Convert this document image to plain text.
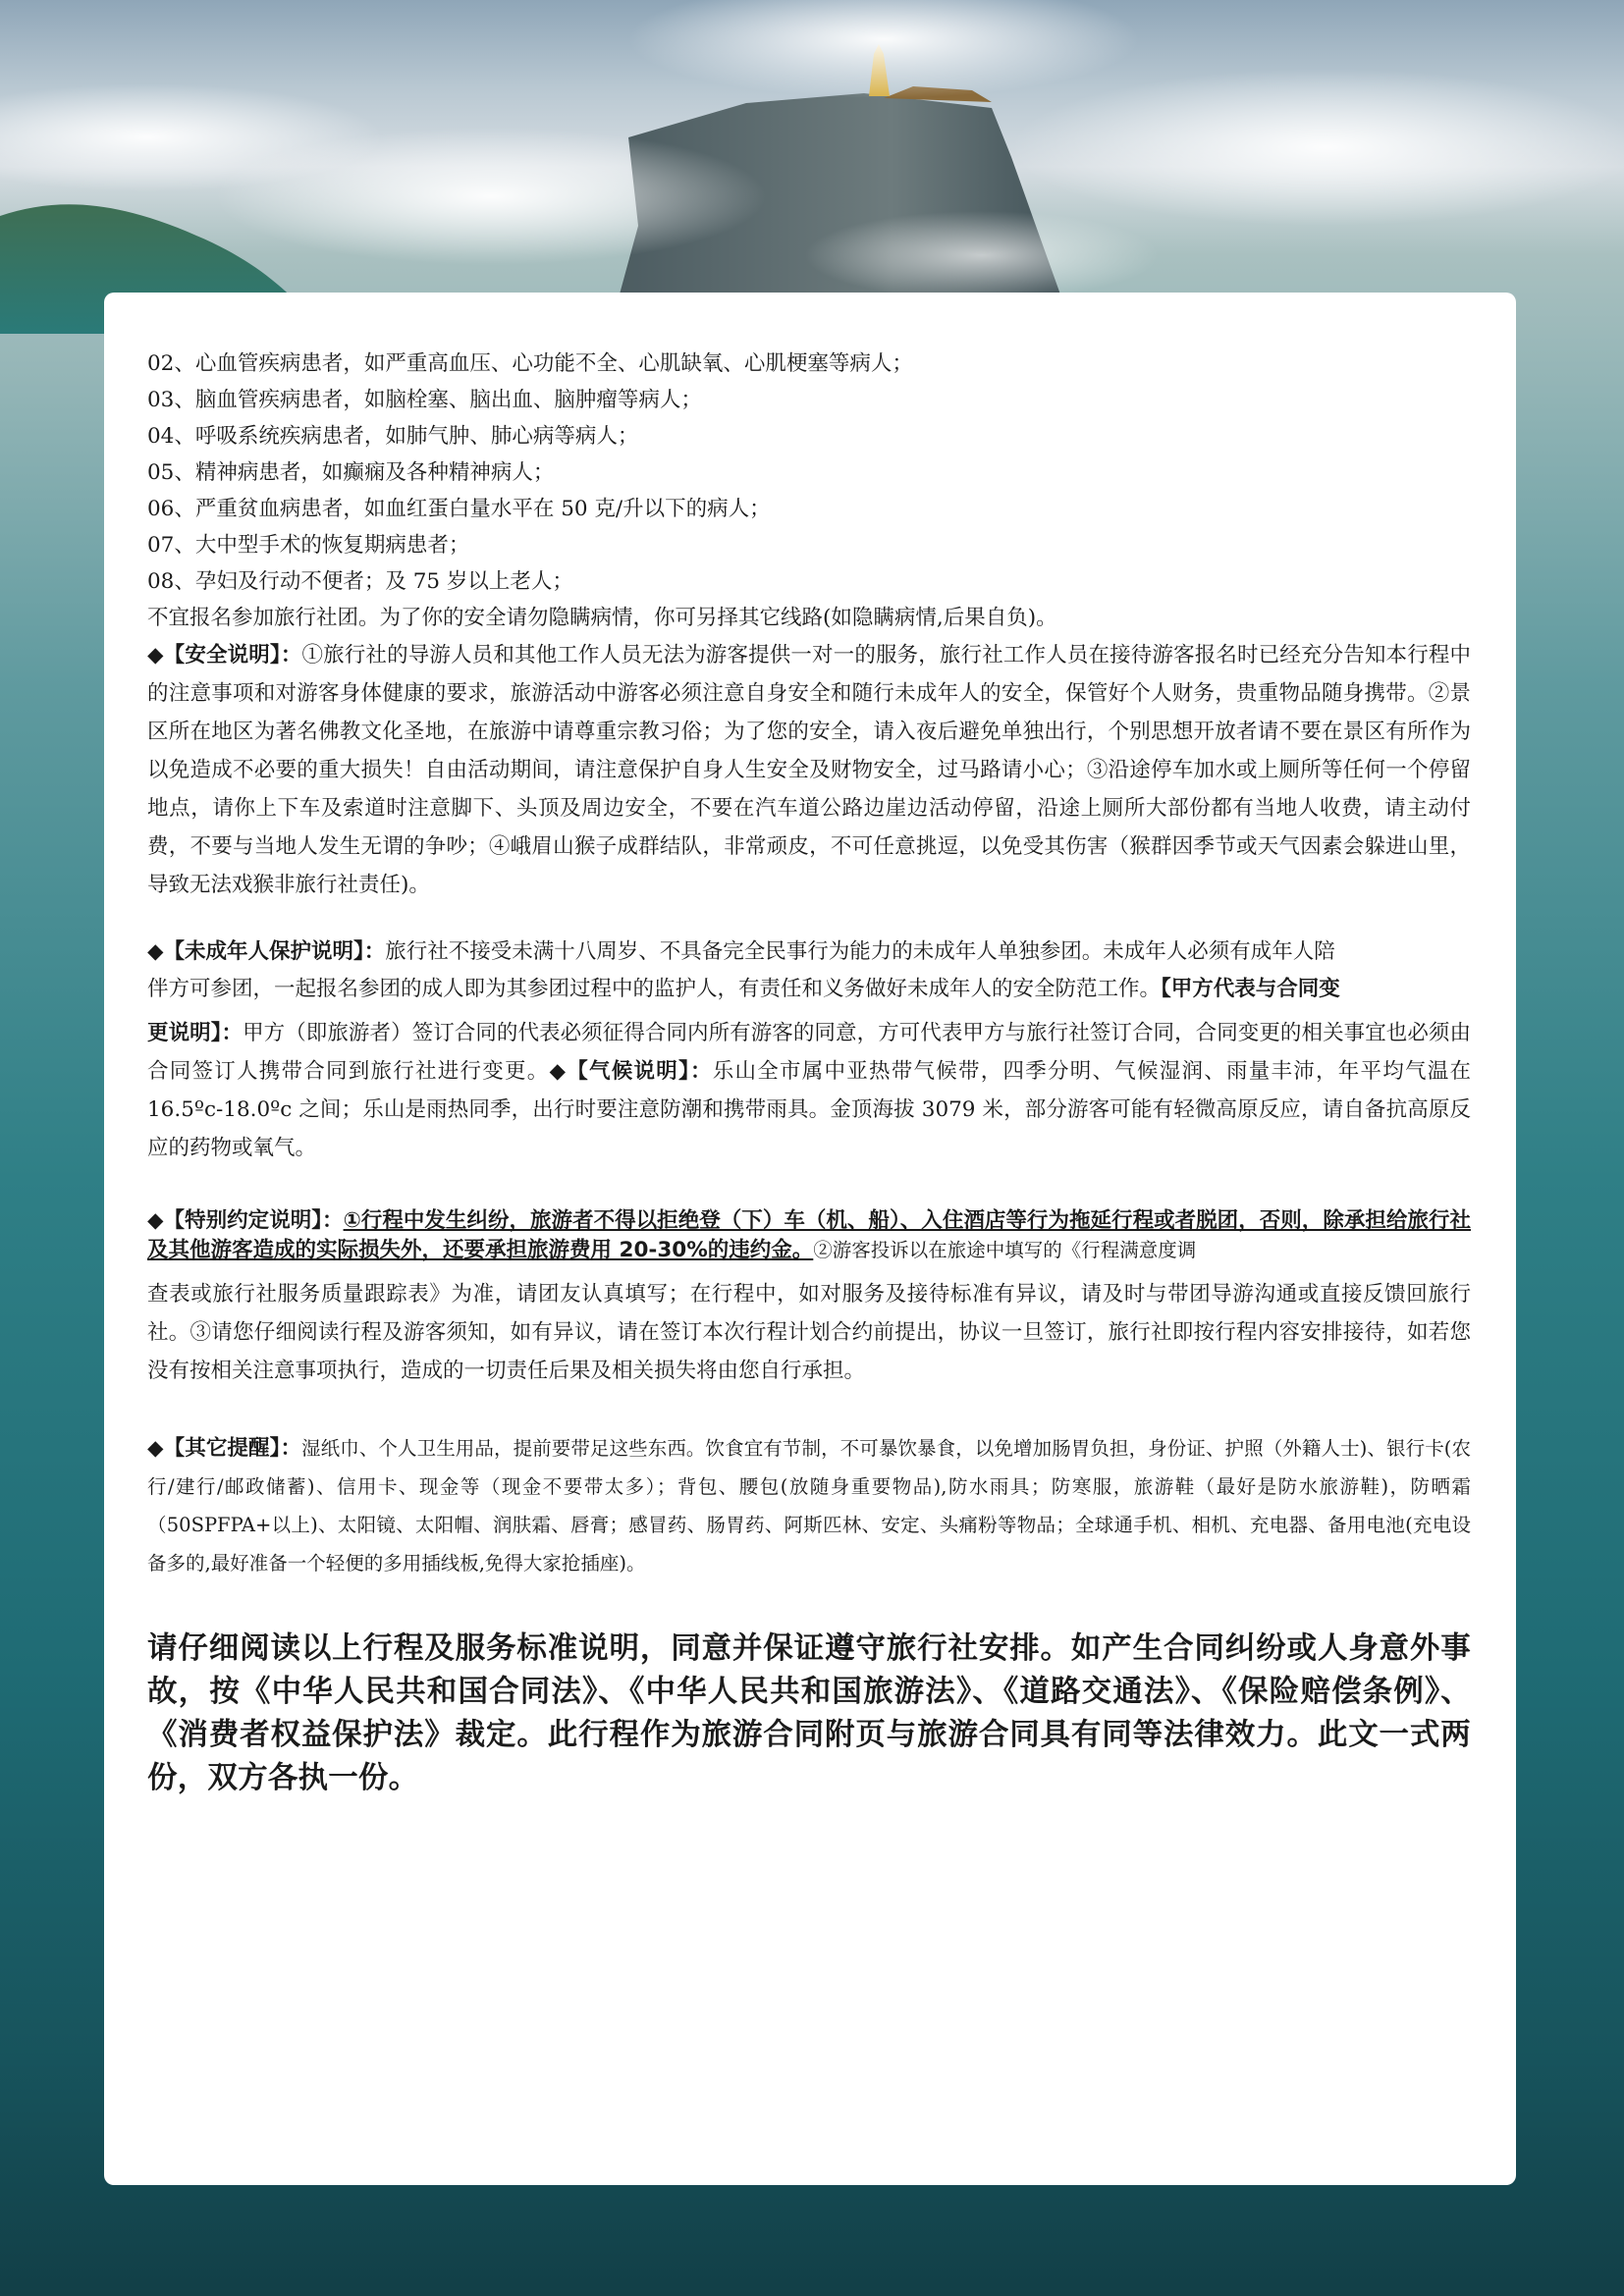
02、心血管疾病患者，如严重高血压、心功能不全、心肌缺氧、心肌梗塞等病人；
03、脑血管疾病患者，如脑栓塞、脑出血、脑肿瘤等病人；
04、呼吸系统疾病患者，如肺气肿、肺心病等病人；
05、精神病患者，如癫痫及各种精神病人；
06、严重贫血病患者，如血红蛋白量水平在 50 克/升以下的病人；
07、大中型手术的恢复期病患者；
08、孕妇及行动不便者；及 75 岁以上老人；
不宜报名参加旅行社团。为了你的安全请勿隐瞒病情，你可另择其它线路(如隐瞒病情,后果自负)。
◆【安全说明】：①旅行社的导游人员和其他工作人员无法为游客提供一对一的服务，旅行社工作人员在接待游客报名时已经充分告知本行程中的注意事项和对游客身体健康的要求，旅游活动中游客必须注意自身安全和随行未成年人的安全，保管好个人财务，贵重物品随身携带。②景区所在地区为著名佛教文化圣地，在旅游中请尊重宗教习俗；为了您的安全，请入夜后避免单独出行，个别思想开放者请不要在景区有所作为以免造成不必要的重大损失！自由活动期间，请注意保护自身人生安全及财物安全，过马路请小心；③沿途停车加水或上厕所等任何一个停留地点，请你上下车及索道时注意脚下、头顶及周边安全，不要在汽车道公路边崖边活动停留，沿途上厕所大部份都有当地人收费，请主动付费，不要与当地人发生无谓的争吵；④峨眉山猴子成群结队，非常顽皮，不可任意挑逗，以免受其伤害（猴群因季节或天气因素会躲进山里，导致无法戏猴非旅行社责任)。
◆【未成年人保护说明】：旅行社不接受未满十八周岁、不具备完全民事行为能力的未成年人单独参团。未成年人必须有成年人陪
伴方可参团，一起报名参团的成人即为其参团过程中的监护人，有责任和义务做好未成年人的安全防范工作。【甲方代表与合同变
更说明】：甲方（即旅游者）签订合同的代表必须征得合同内所有游客的同意，方可代表甲方与旅行社签订合同，合同变更的相关事宜也必须由合同签订人携带合同到旅行社进行变更。◆【气候说明】：乐山全市属中亚热带气候带，四季分明、气候湿润、雨量丰沛，年平均气温在 16.5ºc-18.0ºc 之间；乐山是雨热同季，出行时要注意防潮和携带雨具。金顶海拔 3079 米，部分游客可能有轻微高原反应，请自备抗高原反应的药物或氧气。
◆【特别约定说明】：①行程中发生纠纷，旅游者不得以拒绝登（下）车（机、船）、入住酒店等行为拖延行程或者脱团，否则，除承担给旅行社及其他游客造成的实际损失外，还要承担旅游费用 20-30%的违约金。②游客投诉以在旅途中填写的《行程满意度调
查表或旅行社服务质量跟踪表》为准，请团友认真填写；在行程中，如对服务及接待标准有异议，请及时与带团导游沟通或直接反馈回旅行社。③请您仔细阅读行程及游客须知，如有异议，请在签订本次行程计划合约前提出，协议一旦签订，旅行社即按行程内容安排接待，如若您没有按相关注意事项执行，造成的一切责任后果及相关损失将由您自行承担。
◆【其它提醒】：湿纸巾、个人卫生用品，提前要带足这些东西。饮食宜有节制，不可暴饮暴食，以免增加肠胃负担，身份证、护照（外籍人士)、银行卡(农行/建行/邮政储蓄)、信用卡、现金等（现金不要带太多）；背包、腰包(放随身重要物品),防水雨具；防寒服，旅游鞋（最好是防水旅游鞋)，防晒霜（50SPFPA+以上)、太阳镜、太阳帽、润肤霜、唇膏；感冒药、肠胃药、阿斯匹林、安定、头痛粉等物品；全球通手机、相机、充电器、备用电池(充电设备多的,最好准备一个轻便的多用插线板,免得大家抢插座)。
请仔细阅读以上行程及服务标准说明，同意并保证遵守旅行社安排。如产生合同纠纷或人身意外事故，按《中华人民共和国合同法》、《中华人民共和国旅游法》、《道路交通法》、《保险赔偿条例》、《消费者权益保护法》裁定。此行程作为旅游合同附页与旅游合同具有同等法律效力。此文一式两份，双方各执一份。
